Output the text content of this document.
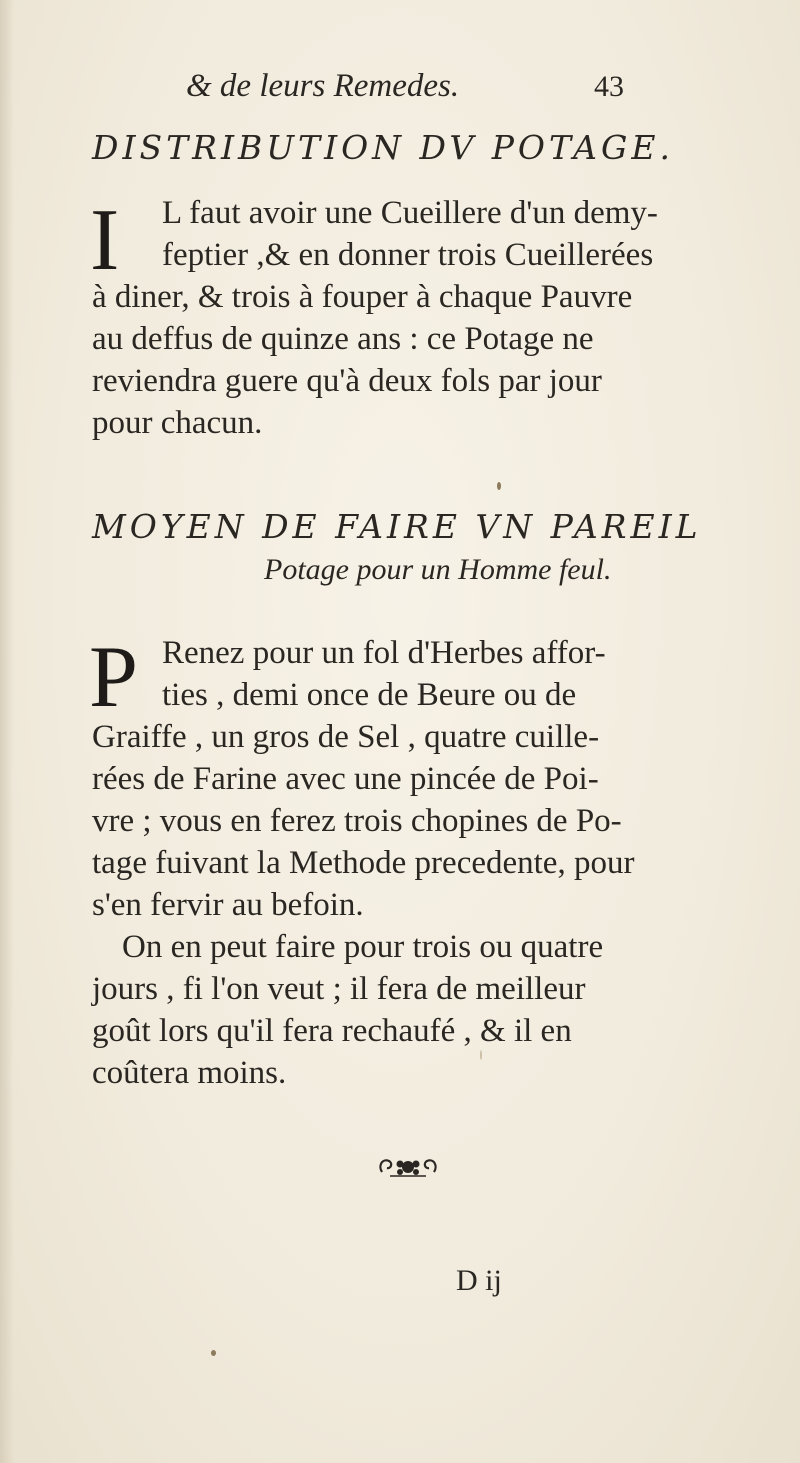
& de leurs Remedes.	43
DISTRIBUTION DV POTAGE.
I	L faut avoir une Cueillere d'un demy-
feptier ,& en donner trois Cueillerées
à diner, & trois à fouper à chaque Pauvre
au deffus de quinze ans : ce Potage ne
reviendra guere qu'à deux fols par jour
pour chacun.
MOYEN DE FAIRE VN PAREIL
Potage pour un Homme feul.
P Renez pour un fol d'Herbes affor-
ties , demi once de Beure ou de
Graiffe , un gros de Sel , quatre cuille-
rées de Farine avec une pincée de Poi-
vre ; vous en ferez trois chopines de Po-
tage fuivant la Methode precedente, pour
s'en fervir au befoin.
On en peut faire pour trois ou quatre
jours , fi l'on veut ; il fera de meilleur
goût lors qu'il fera rechaufé , & il en
coûtera moins.
D ij
